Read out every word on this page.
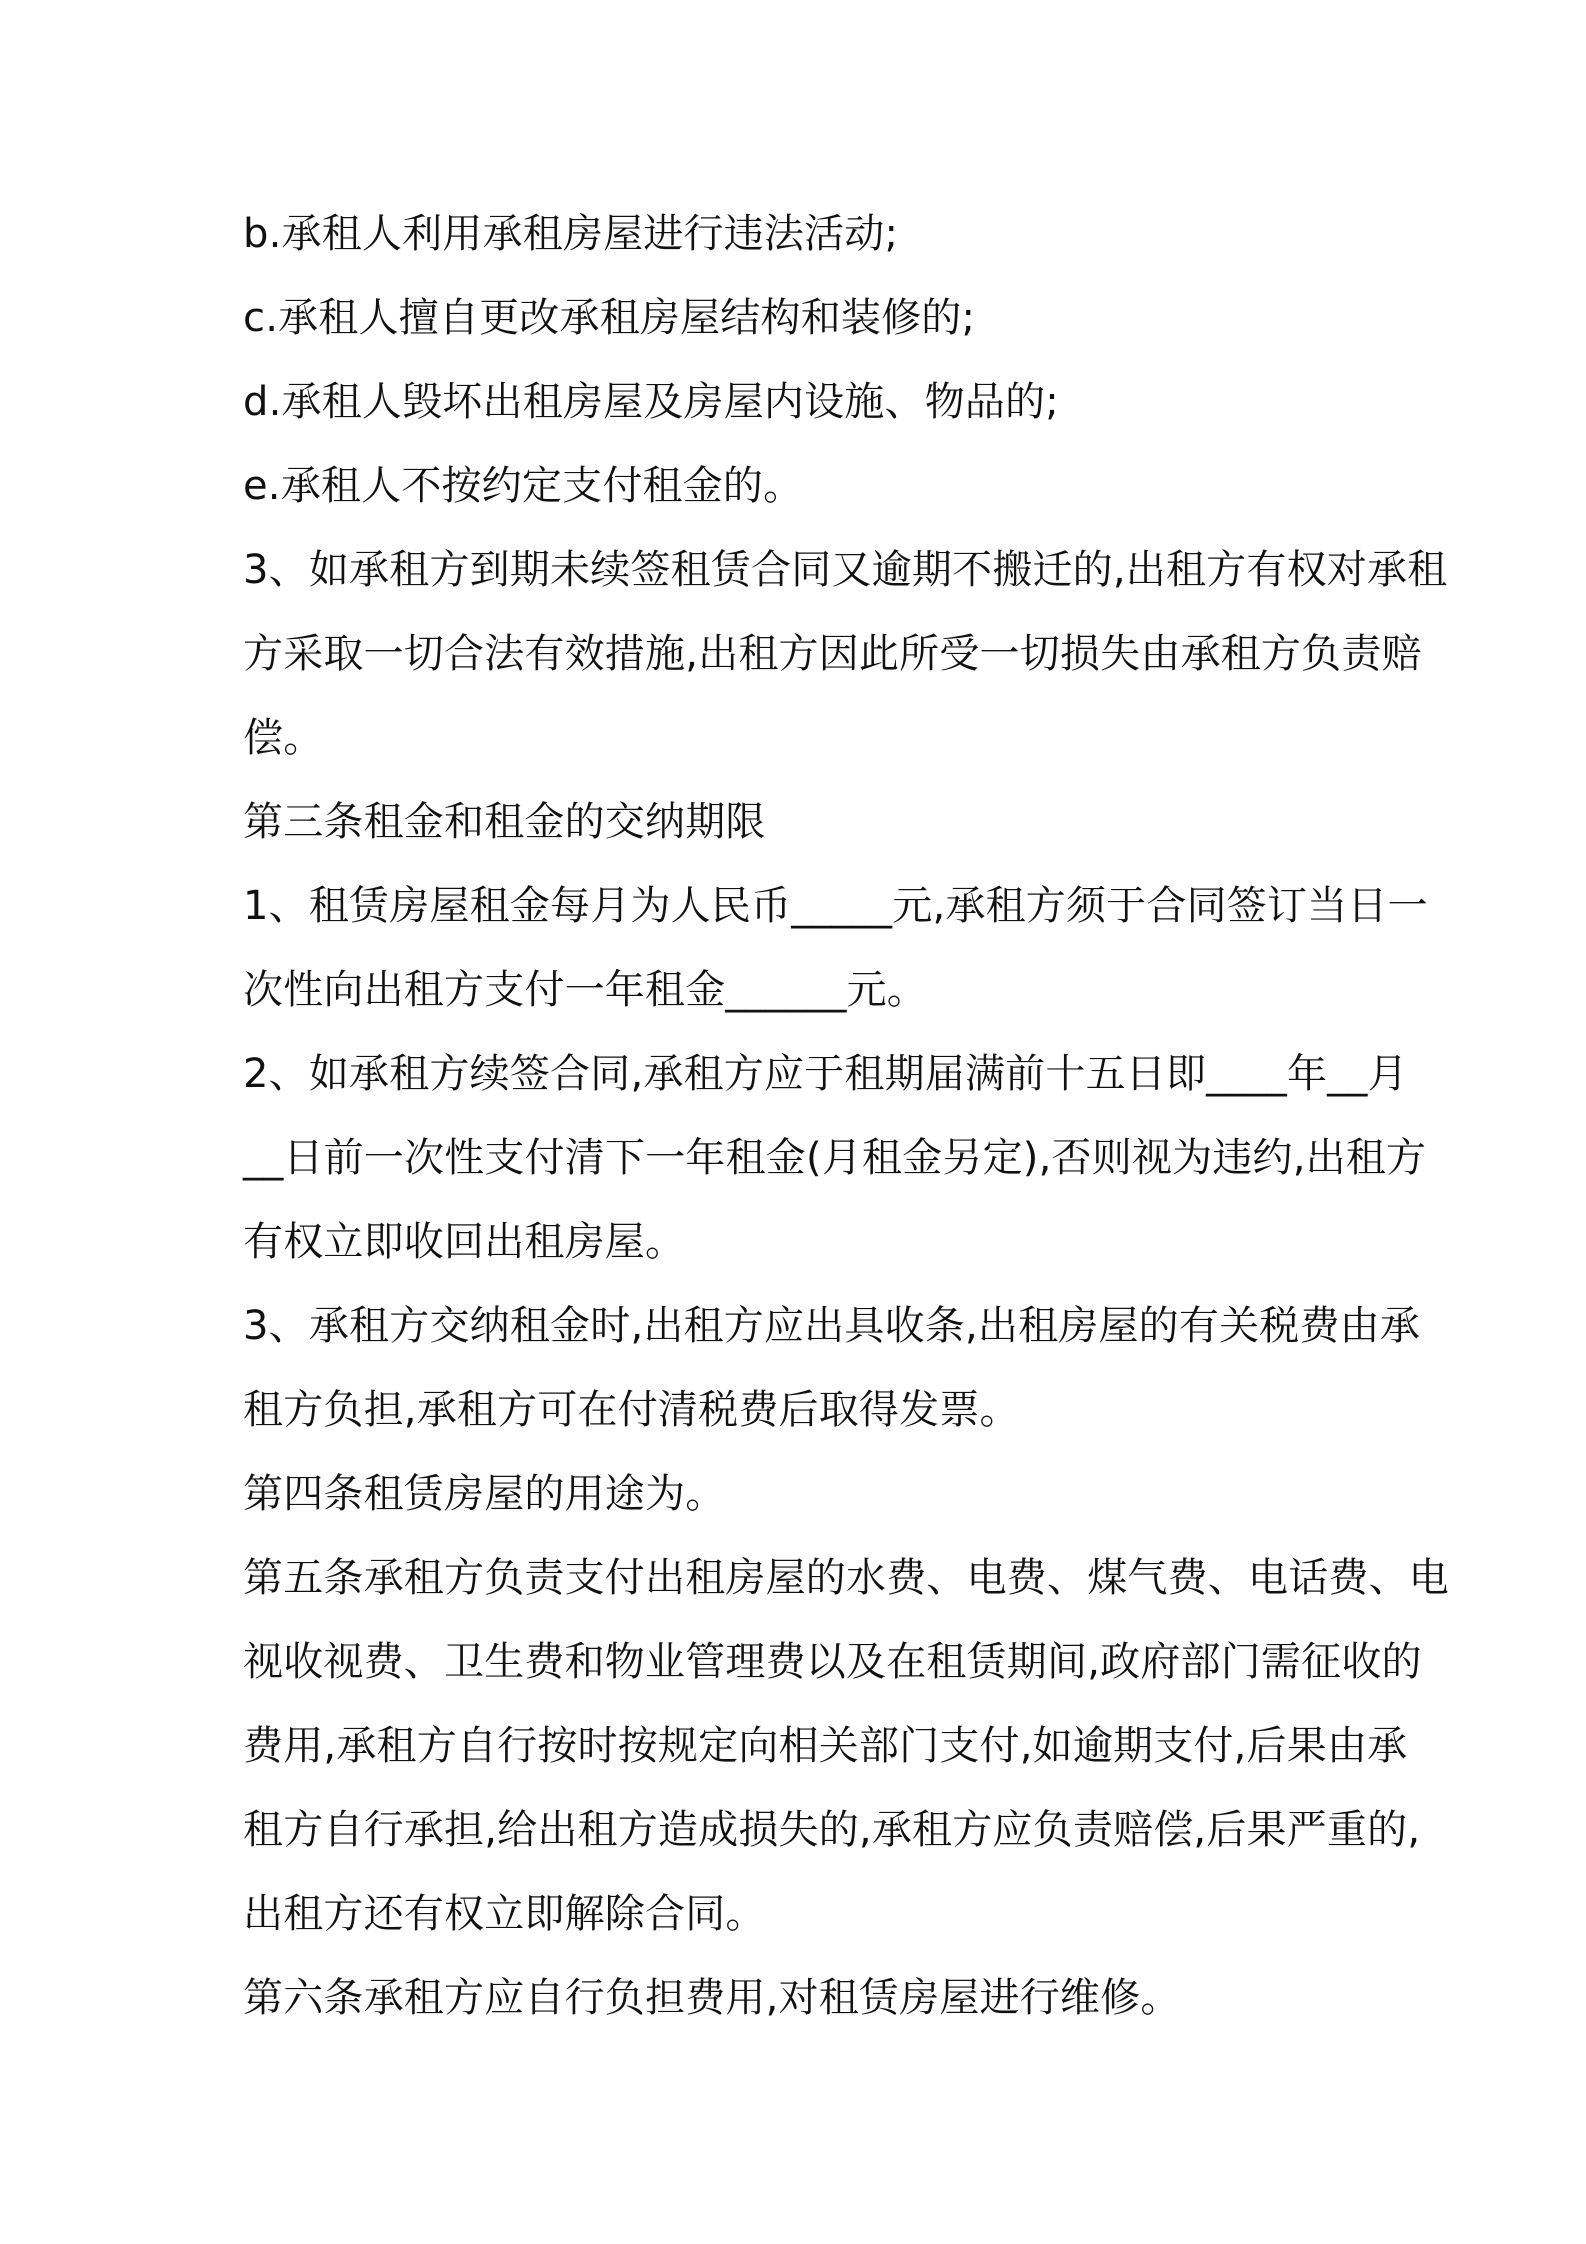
b.承租人利用承租房屋进行违法活动;
c.承租人擅自更改承租房屋结构和装修的;
d.承租人毁坏出租房屋及房屋内设施、物品的;
e.承租人不按约定支付租金的。
3、如承租方到期未续签租赁合同又逾期不搬迁的,出租方有权对承租
方采取一切合法有效措施,出租方因此所受一切损失由承租方负责赔
偿。
第三条租金和租金的交纳期限
1、租赁房屋租金每月为人民币_____元,承租方须于合同签订当日一
次性向出租方支付一年租金______元。
2、如承租方续签合同,承租方应于租期届满前十五日即____年__月
__日前一次性支付清下一年租金(月租金另定),否则视为违约,出租方
有权立即收回出租房屋。
3、承租方交纳租金时,出租方应出具收条,出租房屋的有关税费由承
租方负担,承租方可在付清税费后取得发票。
第四条租赁房屋的用途为。
第五条承租方负责支付出租房屋的水费、电费、煤气费、电话费、电
视收视费、卫生费和物业管理费以及在租赁期间,政府部门需征收的
费用,承租方自行按时按规定向相关部门支付,如逾期支付,后果由承
租方自行承担,给出租方造成损失的,承租方应负责赔偿,后果严重的,
出租方还有权立即解除合同。
第六条承租方应自行负担费用,对租赁房屋进行维修。
